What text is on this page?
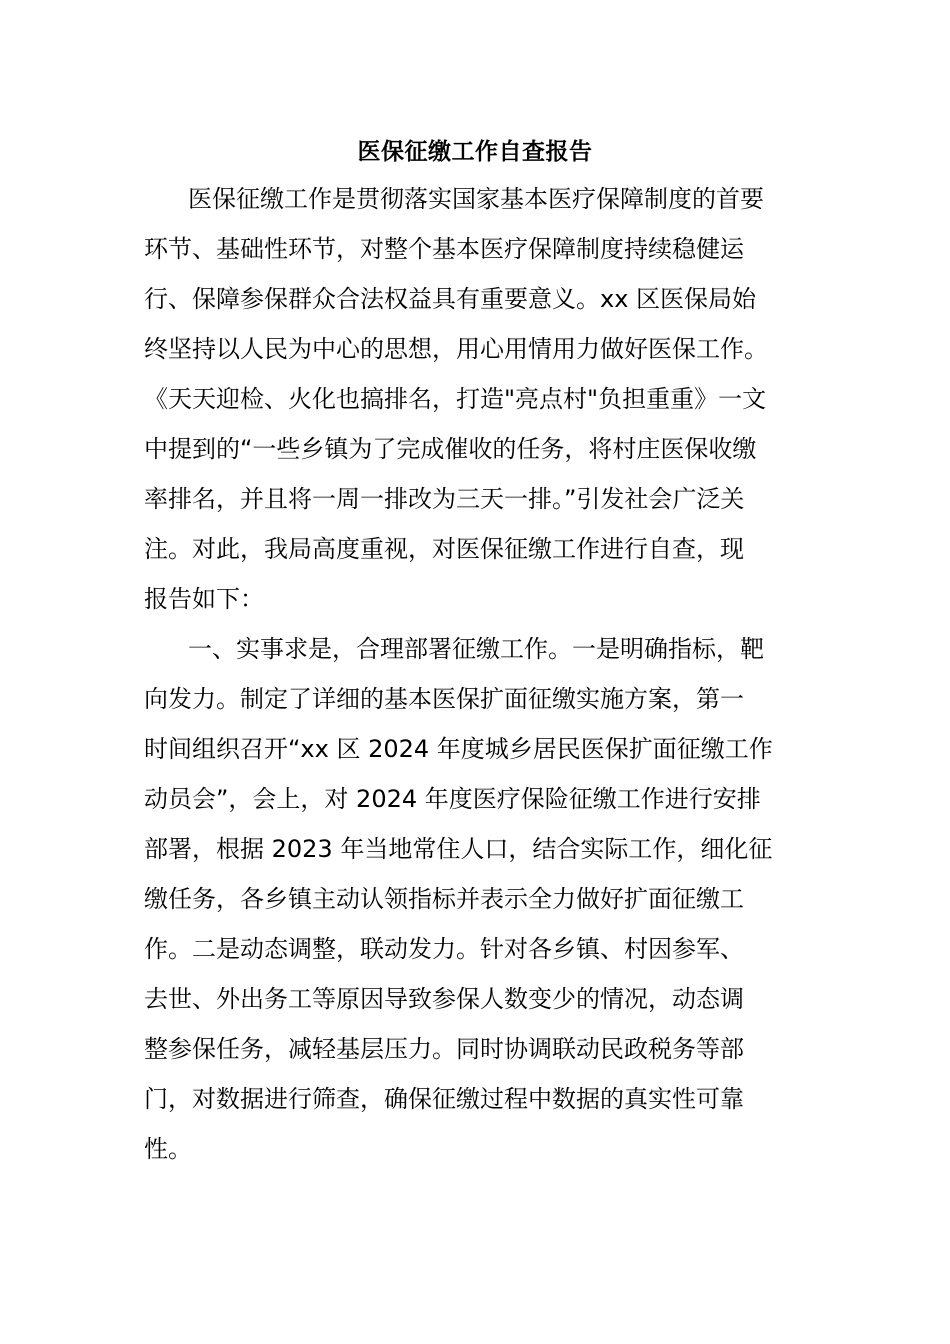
医保征缴工作自查报告
医保征缴工作是贯彻落实国家基本医疗保障制度的首要
环节、基础性环节，对整个基本医疗保障制度持续稳健运
行、保障参保群众合法权益具有重要意义。xx 区医保局始
终坚持以人民为中心的思想，用心用情用力做好医保工作。
《天天迎检、火化也搞排名，打造"亮点村"负担重重》一文
中提到的“一些乡镇为了完成催收的任务，将村庄医保收缴
率排名，并且将一周一排改为三天一排。”引发社会广泛关
注。对此，我局高度重视，对医保征缴工作进行自查，现
报告如下：
一、实事求是，合理部署征缴工作。一是明确指标，靶
向发力。制定了详细的基本医保扩面征缴实施方案，第一
时间组织召开“xx 区 2024 年度城乡居民医保扩面征缴工作
动员会”，会上，对 2024 年度医疗保险征缴工作进行安排
部署，根据 2023 年当地常住人口，结合实际工作，细化征
缴任务，各乡镇主动认领指标并表示全力做好扩面征缴工
作。二是动态调整，联动发力。针对各乡镇、村因参军、
去世、外出务工等原因导致参保人数变少的情况，动态调
整参保任务，减轻基层压力。同时协调联动民政税务等部
门，对数据进行筛查，确保征缴过程中数据的真实性可靠
性。
